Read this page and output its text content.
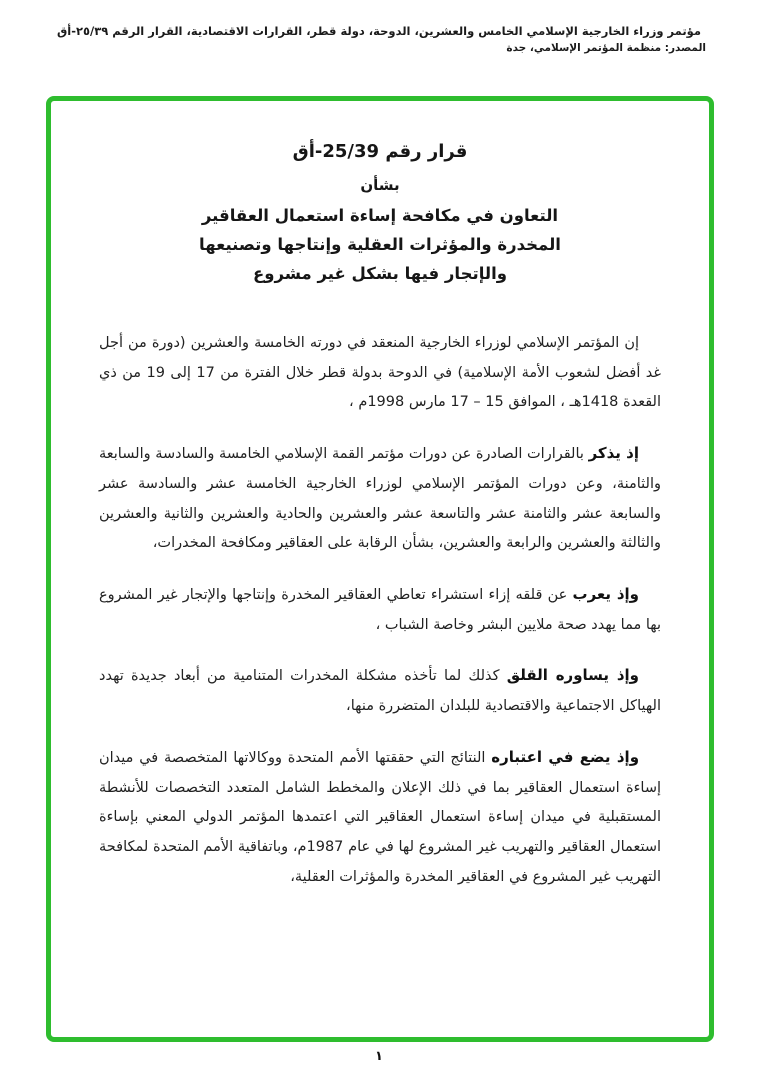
مؤتمر وزراء الخارجية الإسلامي الخامس والعشرين، الدوحة، دولة قطر، القرارات الاقتصادية، القرار الرقم ٢٥/٣٩-أق
المصدر: منظمة المؤتمر الإسلامي، جدة
قرار رقم 25/39-أق
بشأن
التعاون في مكافحة إساءة استعمال العقاقير
المخدرة والمؤثرات العقلية وإنتاجها وتصنيعها
والإتجار فيها بشكل غير مشروع

إن المؤتمر الإسلامي لوزراء الخارجية المنعقد في دورته الخامسة والعشرين (دورة من أجل غد أفضل لشعوب الأمة الإسلامية) في الدوحة بدولة قطر خلال الفترة من 17 إلى 19 من ذي القعدة 1418هـ ، الموافق 15 – 17 مارس 1998م ،

إذ يذكر بالقرارات الصادرة عن دورات مؤتمر القمة الإسلامي الخامسة والسادسة والسابعة والثامنة، وعن دورات المؤتمر الإسلامي لوزراء الخارجية الخامسة عشر والسادسة عشر والسابعة عشر والثامنة عشر والتاسعة عشر والعشرين والحادية والعشرين والثانية والعشرين والثالثة والعشرين والرابعة والعشرين، بشأن الرقابة على العقاقير ومكافحة المخدرات،

وإذ يعرب عن قلقه إزاء استشراء تعاطي العقاقير المخدرة وإنتاجها والإتجار غير المشروع بها مما يهدد صحة ملايين البشر وخاصة الشباب ،

وإذ يساوره القلق كذلك لما تأخذه مشكلة المخدرات المتنامية من أبعاد جديدة تهدد الهياكل الاجتماعية والاقتصادية للبلدان المتضررة منها،

وإذ يضع في اعتباره النتائج التي حققتها الأمم المتحدة ووكالاتها المتخصصة في ميدان إساءة استعمال العقاقير بما في ذلك الإعلان والمخطط الشامل المتعدد التخصصات للأنشطة المستقبلية في ميدان إساءة استعمال العقاقير التي اعتمدها المؤتمر الدولي المعني بإساءة استعمال العقاقير والتهريب غير المشروع لها في عام 1987م، وباتفاقية الأمم المتحدة لمكافحة التهريب غير المشروع في العقاقير المخدرة والمؤثرات العقلية،

١
